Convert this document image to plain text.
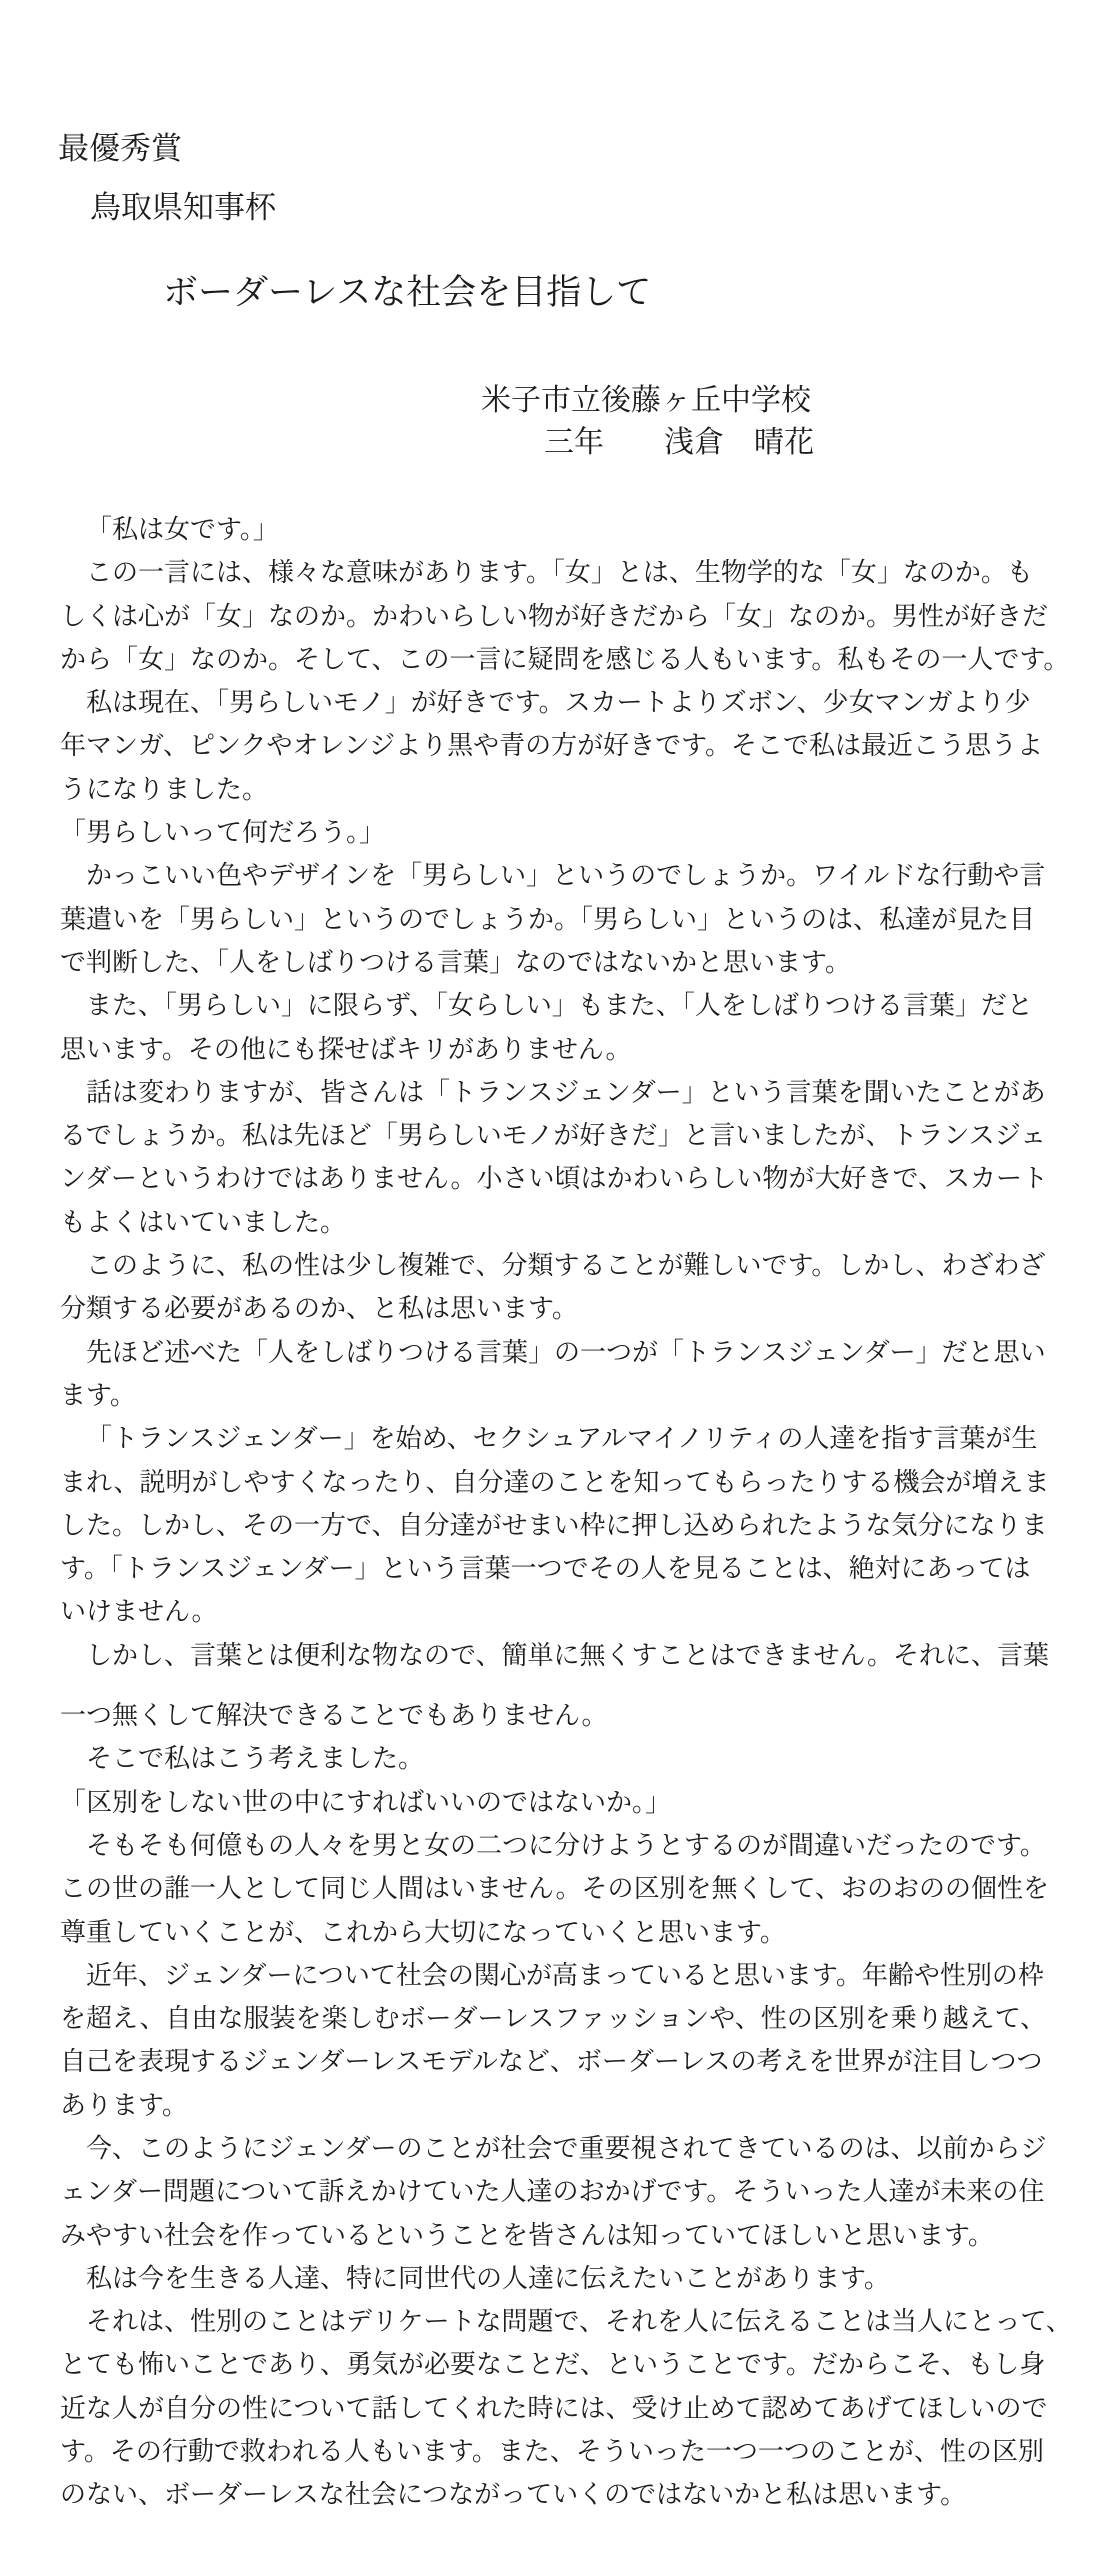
最優秀賞
鳥取県知事杯
ボーダーレスな社会を目指して
米子市立後藤ヶ丘中学校
三年　　浅倉　晴花
「私は女です。」
この一言には、様々な意味があります。「女」とは、生物学的な「女」なのか。も
しくは心が「女」なのか。かわいらしい物が好きだから「女」なのか。男性が好きだ
から「女」なのか。そして、この一言に疑問を感じる人もいます。私もその一人です。
私は現在、「男らしいモノ」が好きです。スカートよりズボン、少女マンガより少
年マンガ、ピンクやオレンジより黒や青の方が好きです。そこで私は最近こう思うよ
うになりました。
「男らしいって何だろう。」
かっこいい色やデザインを「男らしい」というのでしょうか。ワイルドな行動や言
葉遣いを「男らしい」というのでしょうか。「男らしい」というのは、私達が見た目
で判断した、「人をしばりつける言葉」なのではないかと思います。
また、「男らしい」に限らず、「女らしい」もまた、「人をしばりつける言葉」だと
思います。その他にも探せばキリがありません。
話は変わりますが、皆さんは「トランスジェンダー」という言葉を聞いたことがあ
るでしょうか。私は先ほど「男らしいモノが好きだ」と言いましたが、トランスジェ
ンダーというわけではありません。小さい頃はかわいらしい物が大好きで、スカート
もよくはいていました。
このように、私の性は少し複雑で、分類することが難しいです。しかし、わざわざ
分類する必要があるのか、と私は思います。
先ほど述べた「人をしばりつける言葉」の一つが「トランスジェンダー」だと思い
ます。
「トランスジェンダー」を始め、セクシュアルマイノリティの人達を指す言葉が生
まれ、説明がしやすくなったり、自分達のことを知ってもらったりする機会が増えま
した。しかし、その一方で、自分達がせまい枠に押し込められたような気分になりま
す。「トランスジェンダー」という言葉一つでその人を見ることは、絶対にあっては
いけません。
しかし、言葉とは便利な物なので、簡単に無くすことはできません。それに、言葉
一つ無くして解決できることでもありません。
そこで私はこう考えました。
「区別をしない世の中にすればいいのではないか。」
そもそも何億もの人々を男と女の二つに分けようとするのが間違いだったのです。
この世の誰一人として同じ人間はいません。その区別を無くして、おのおのの個性を
尊重していくことが、これから大切になっていくと思います。
近年、ジェンダーについて社会の関心が高まっていると思います。年齢や性別の枠
を超え、自由な服装を楽しむボーダーレスファッションや、性の区別を乗り越えて、
自己を表現するジェンダーレスモデルなど、ボーダーレスの考えを世界が注目しつつ
あります。
今、このようにジェンダーのことが社会で重要視されてきているのは、以前からジ
ェンダー問題について訴えかけていた人達のおかげです。そういった人達が未来の住
みやすい社会を作っているということを皆さんは知っていてほしいと思います。
私は今を生きる人達、特に同世代の人達に伝えたいことがあります。
それは、性別のことはデリケートな問題で、それを人に伝えることは当人にとって、
とても怖いことであり、勇気が必要なことだ、ということです。だからこそ、もし身
近な人が自分の性について話してくれた時には、受け止めて認めてあげてほしいので
す。その行動で救われる人もいます。また、そういった一つ一つのことが、性の区別
のない、ボーダーレスな社会につながっていくのではないかと私は思います。
